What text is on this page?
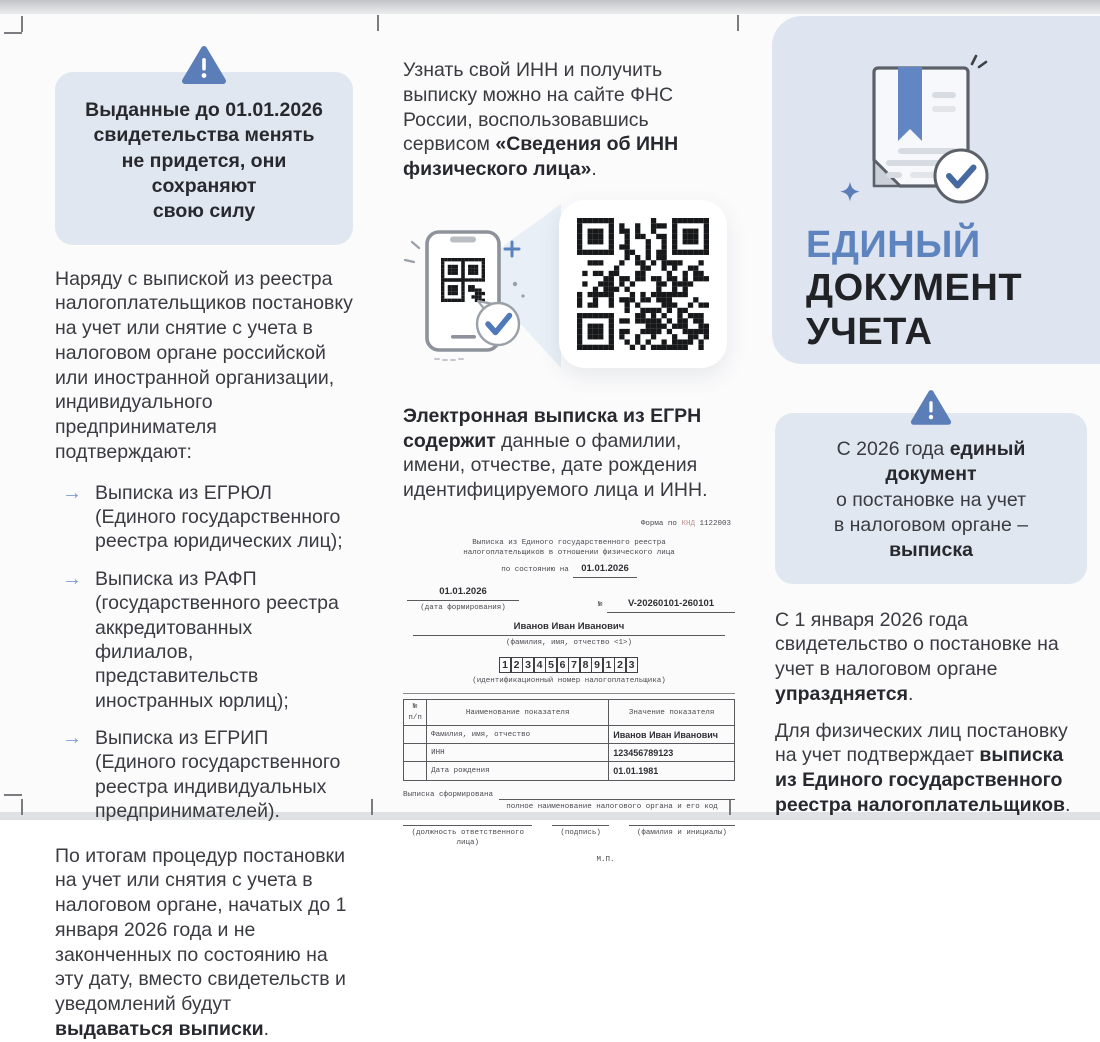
Выданные до 01.01.2026
свидетельства менять
не придется, они сохраняют
свою силу

Наряду с выпиской из реестра налогоплательщиков постановку на учет или снятие с учета в налоговом органе российской или иностранной организации, индивидуального предпринимателя подтверждают:

→ Выписка из ЕГРЮЛ (Единого государственного реестра юридических лиц);
→ Выписка из РАФП (государственного реестра аккредитованных филиалов, представительств иностранных юрлиц);
→ Выписка из ЕГРИП (Единого государственного реестра индивидуальных предпринимателей).

По итогам процедур постановки на учет или снятия с учета в налоговом органе, начатых до 1 января 2026 года и не законченных по состоянию на эту дату, вместо свидетельств и уведомлений будут выдаваться выписки.

Узнать свой ИНН и получить выписку можно на сайте ФНС России, воспользовавшись сервисом «Сведения об ИНН физического лица».

Электронная выписка из ЕГРН содержит данные о фамилии, имени, отчестве, дате рождения идентифицируемого лица и ИНН.

Форма по КНД 1122003
Выписка из Единого государственного реестра
налогоплательщиков в отношении физического лица
по состоянию на 01.01.2026
01.01.2026
(дата формирования)	№	V-20260101-260101
Иванов Иван Иванович
(фамилия, имя, отчество <1>)
1 2 3 4 5 6 7 8 9 1 2 3
(идентификационный номер налогоплательщика)
№ п/п	Наименование показателя	Значение показателя
	Фамилия, имя, отчество	Иванов Иван Иванович
	ИНН	123456789123
	Дата рождения	01.01.1981
Выписка сформирована
полное наименование налогового органа и его код
(должность ответственного лица)
(подпись)	(фамилия и инициалы)
М.П.
ЕДИНЫЙ
ДОКУМЕНТ
УЧЕТА
С 2026 года единый документ
о постановке на учет
в налоговом органе –
выписка

С 1 января 2026 года свидетельство о постановке на учет в налоговом органе упраздняется.

Для физических лиц постановку на учет подтверждает выписка из Единого государственного реестра налогоплательщиков.
